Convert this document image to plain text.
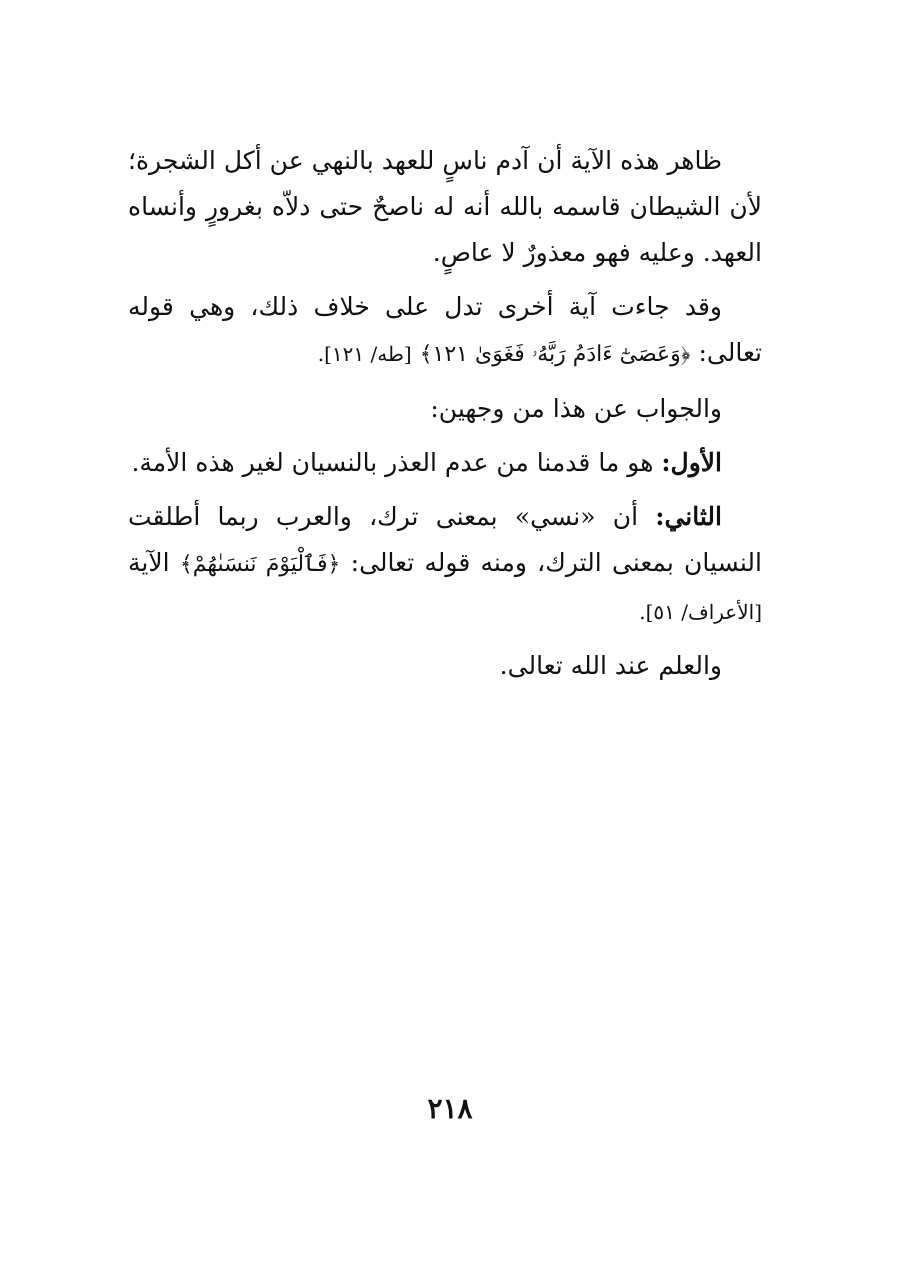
ظاهر هذه الآية أن آدم ناسٍ للعهد بالنهي عن أكل الشجرة؛ لأن الشيطان قاسمه بالله أنه له ناصحٌ حتى دلاّه بغرورٍ وأنساه العهد. وعليه فهو معذورٌ لا عاصٍ.

وقد جاءت آية أخرى تدل على خلاف ذلك، وهي قوله تعالى: ﴿وَعَصَىٰٓ ءَادَمُ رَبَّهُۥ فَغَوَىٰ ١٢١﴾ [طه/ ١٢١].

والجواب عن هذا من وجهين:

الأول: هو ما قدمنا من عدم العذر بالنسيان لغير هذه الأمة.

الثاني: أن «نسي» بمعنى ترك، والعرب ربما أطلقت النسيان بمعنى الترك، ومنه قوله تعالى: ﴿فَٱلْيَوْمَ نَنسَىٰهُمْ﴾ الآية [الأعراف/ ٥١].

والعلم عند الله تعالى.

٢١٨
